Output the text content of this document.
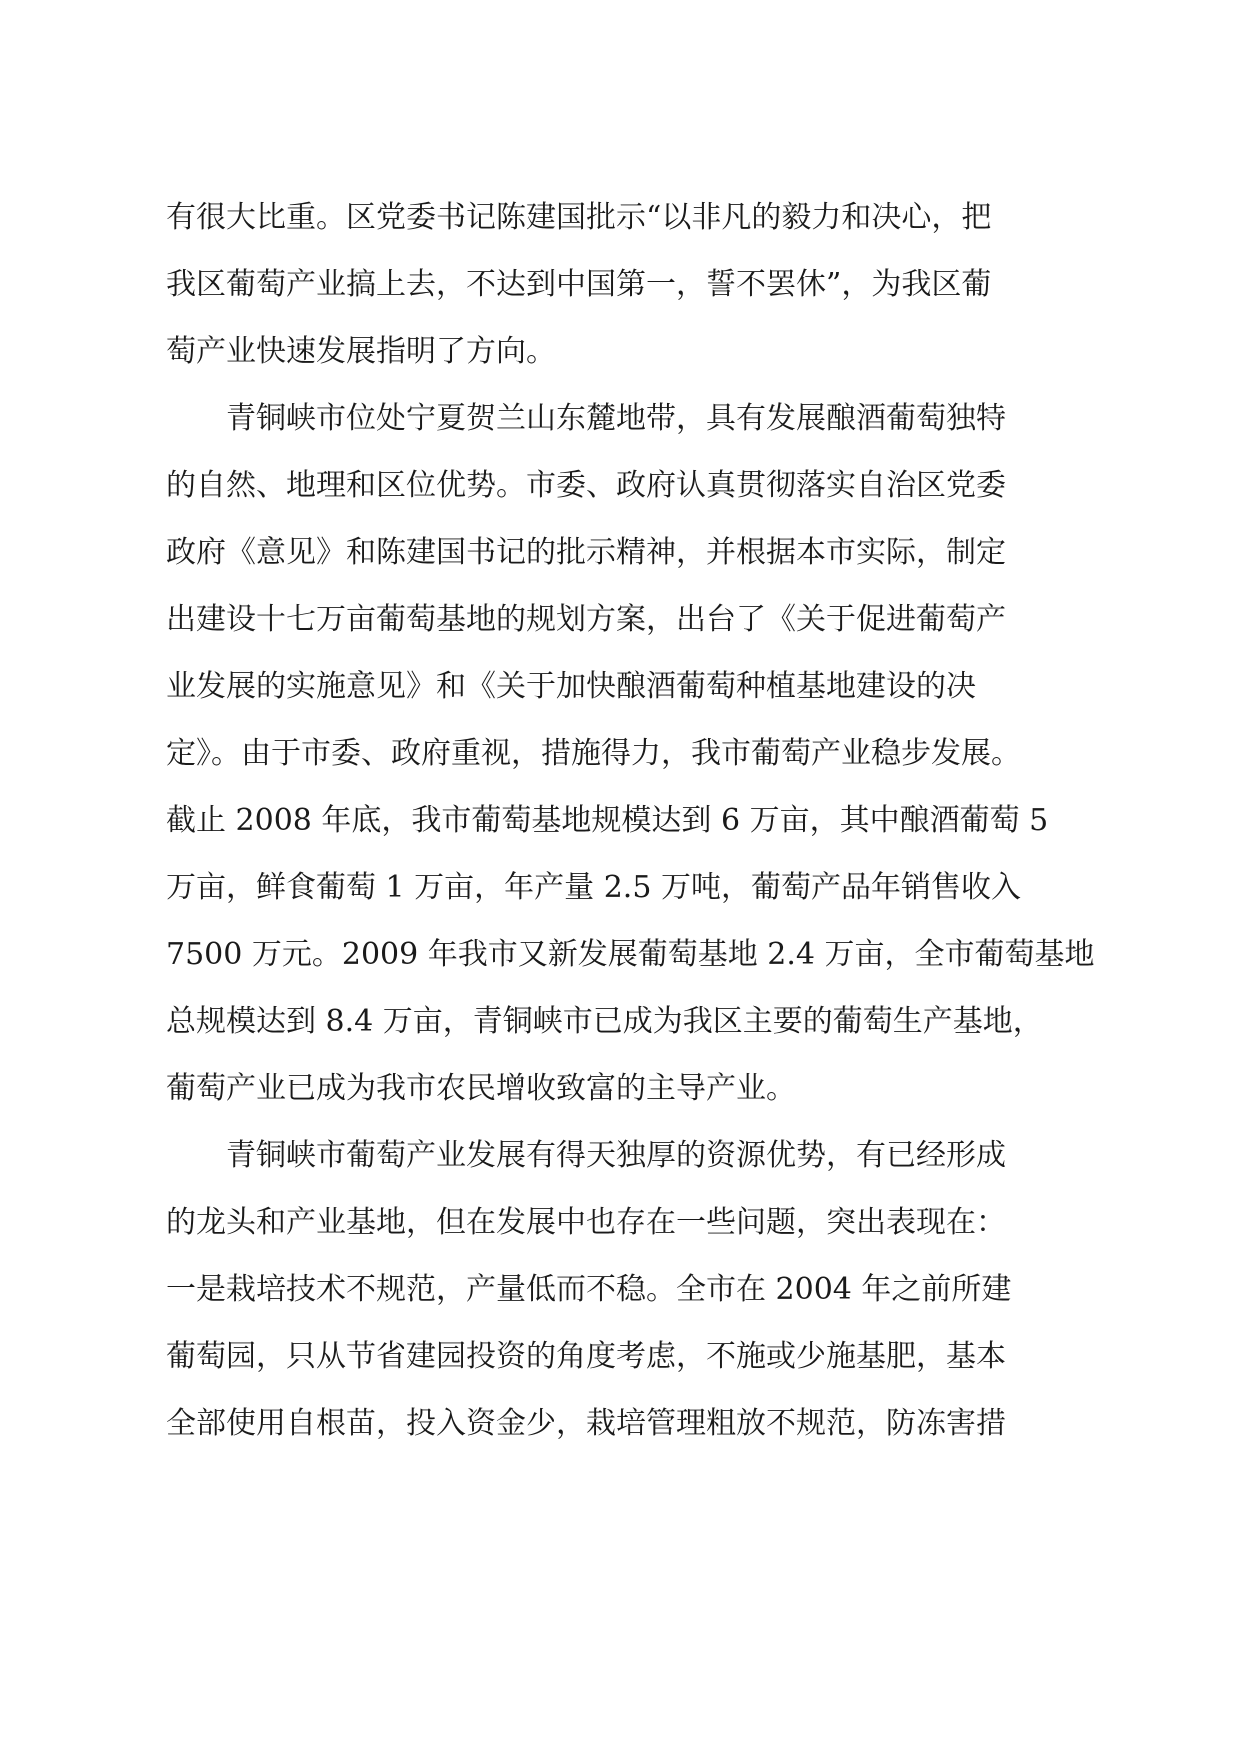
有很大比重。区党委书记陈建国批示“以非凡的毅力和决心，把
我区葡萄产业搞上去，不达到中国第一，誓不罢休”，为我区葡
萄产业快速发展指明了方向。
青铜峡市位处宁夏贺兰山东麓地带，具有发展酿酒葡萄独特
的自然、地理和区位优势。市委、政府认真贯彻落实自治区党委
政府《意见》和陈建国书记的批示精神，并根据本市实际，制定
出建设十七万亩葡萄基地的规划方案，出台了《关于促进葡萄产
业发展的实施意见》和《关于加快酿酒葡萄种植基地建设的决
定》。由于市委、政府重视，措施得力，我市葡萄产业稳步发展。
截止 2008 年底，我市葡萄基地规模达到 6 万亩，其中酿酒葡萄 5
万亩，鲜食葡萄 1 万亩，年产量 2.5 万吨，葡萄产品年销售收入
7500 万元。2009 年我市又新发展葡萄基地 2.4 万亩，全市葡萄基地
总规模达到 8.4 万亩，青铜峡市已成为我区主要的葡萄生产基地，
葡萄产业已成为我市农民增收致富的主导产业。
青铜峡市葡萄产业发展有得天独厚的资源优势，有已经形成
的龙头和产业基地，但在发展中也存在一些问题，突出表现在：
一是栽培技术不规范，产量低而不稳。全市在 2004 年之前所建
葡萄园，只从节省建园投资的角度考虑，不施或少施基肥，基本
全部使用自根苗，投入资金少，栽培管理粗放不规范，防冻害措
